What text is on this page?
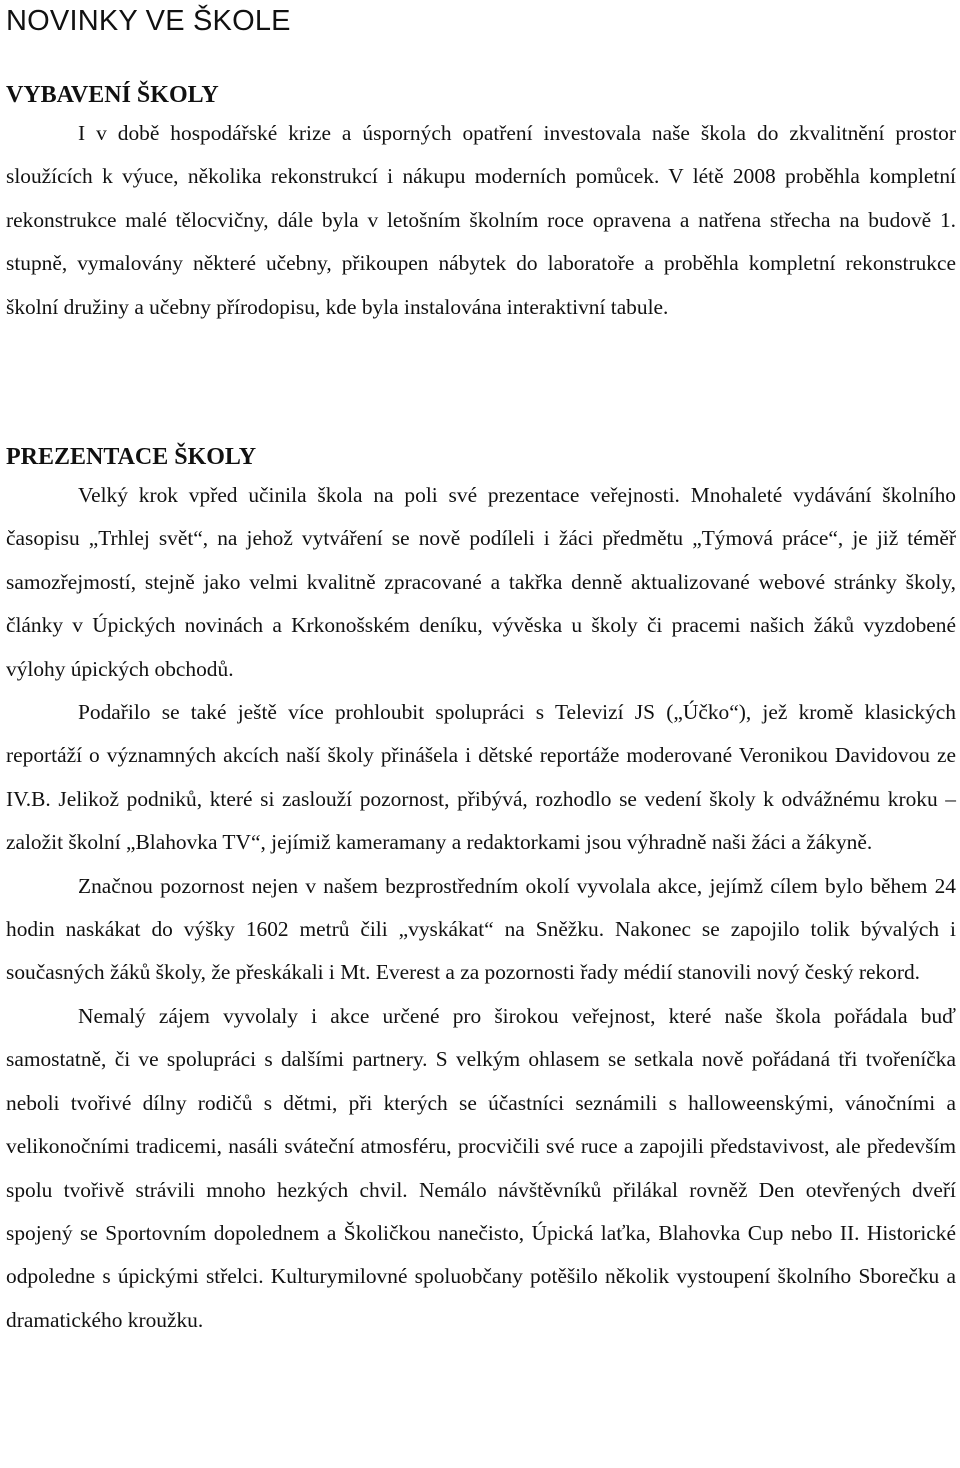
NOVINKY VE ŠKOLE
VYBAVENÍ ŠKOLY

I v době hospodářské krize a úsporných opatření investovala naše škola do zkvalitnění prostor sloužících k výuce, několika rekonstrukcí i nákupu moderních pomůcek. V létě 2008 proběhla kompletní rekonstrukce malé tělocvičny, dále byla v letošním školním roce opravena a natřena střecha na budově 1. stupně, vymalovány některé učebny, přikoupen nábytek do laboratoře a proběhla kompletní rekonstrukce školní družiny a učebny přírodopisu, kde byla instalována interaktivní tabule.

PREZENTACE ŠKOLY

Velký krok vpřed učinila škola na poli své prezentace veřejnosti. Mnohaleté vydávání školního časopisu „Trhlej svět“, na jehož vytváření se nově podíleli i žáci předmětu „Týmová práce“, je již téměř samozřejmostí, stejně jako velmi kvalitně zpracované a takřka denně aktualizované webové stránky školy, články v Úpických novinách a Krkonošském deníku, vývěska u školy či pracemi našich žáků vyzdobené výlohy úpických obchodů.

Podařilo se také ještě více prohloubit spolupráci s Televizí JS („Účko“), jež kromě klasických reportáží o významných akcích naší školy přinášela i dětské reportáže moderované Veronikou Davidovou ze IV.B. Jelikož podniků, které si zaslouží pozornost, přibývá, rozhodlo se vedení školy k odvážnému kroku – založit školní „Blahovka TV“, jejímiž kameramany a redaktorkami jsou výhradně naši žáci a žákyně.

Značnou pozornost nejen v našem bezprostředním okolí vyvolala akce, jejímž cílem bylo během 24 hodin naskákat do výšky 1602 metrů čili „vyskákat“ na Sněžku. Nakonec se zapojilo tolik bývalých i současných žáků školy, že přeskákali i Mt. Everest a za pozornosti řady médií stanovili nový český rekord.

Nemalý zájem vyvolaly i akce určené pro širokou veřejnost, které naše škola pořádala buď samostatně, či ve spolupráci s dalšími partnery. S velkým ohlasem se setkala nově pořádaná tři tvořeníčka neboli tvořivé dílny rodičů s dětmi, při kterých se účastníci seznámili s halloweenskými, vánočními a velikonočními tradicemi, nasáli sváteční atmosféru, procvičili své ruce a zapojili představivost, ale především spolu tvořivě strávili mnoho hezkých chvil. Nemálo návštěvníků přilákal rovněž Den otevřených dveří spojený se Sportovním dopolednem a Školičkou nanečisto, Úpická laťka, Blahovka Cup nebo II. Historické odpoledne s úpickými střelci. Kulturymilovné spoluobčany potěšilo několik vystoupení školního Sborečku a dramatického kroužku.
